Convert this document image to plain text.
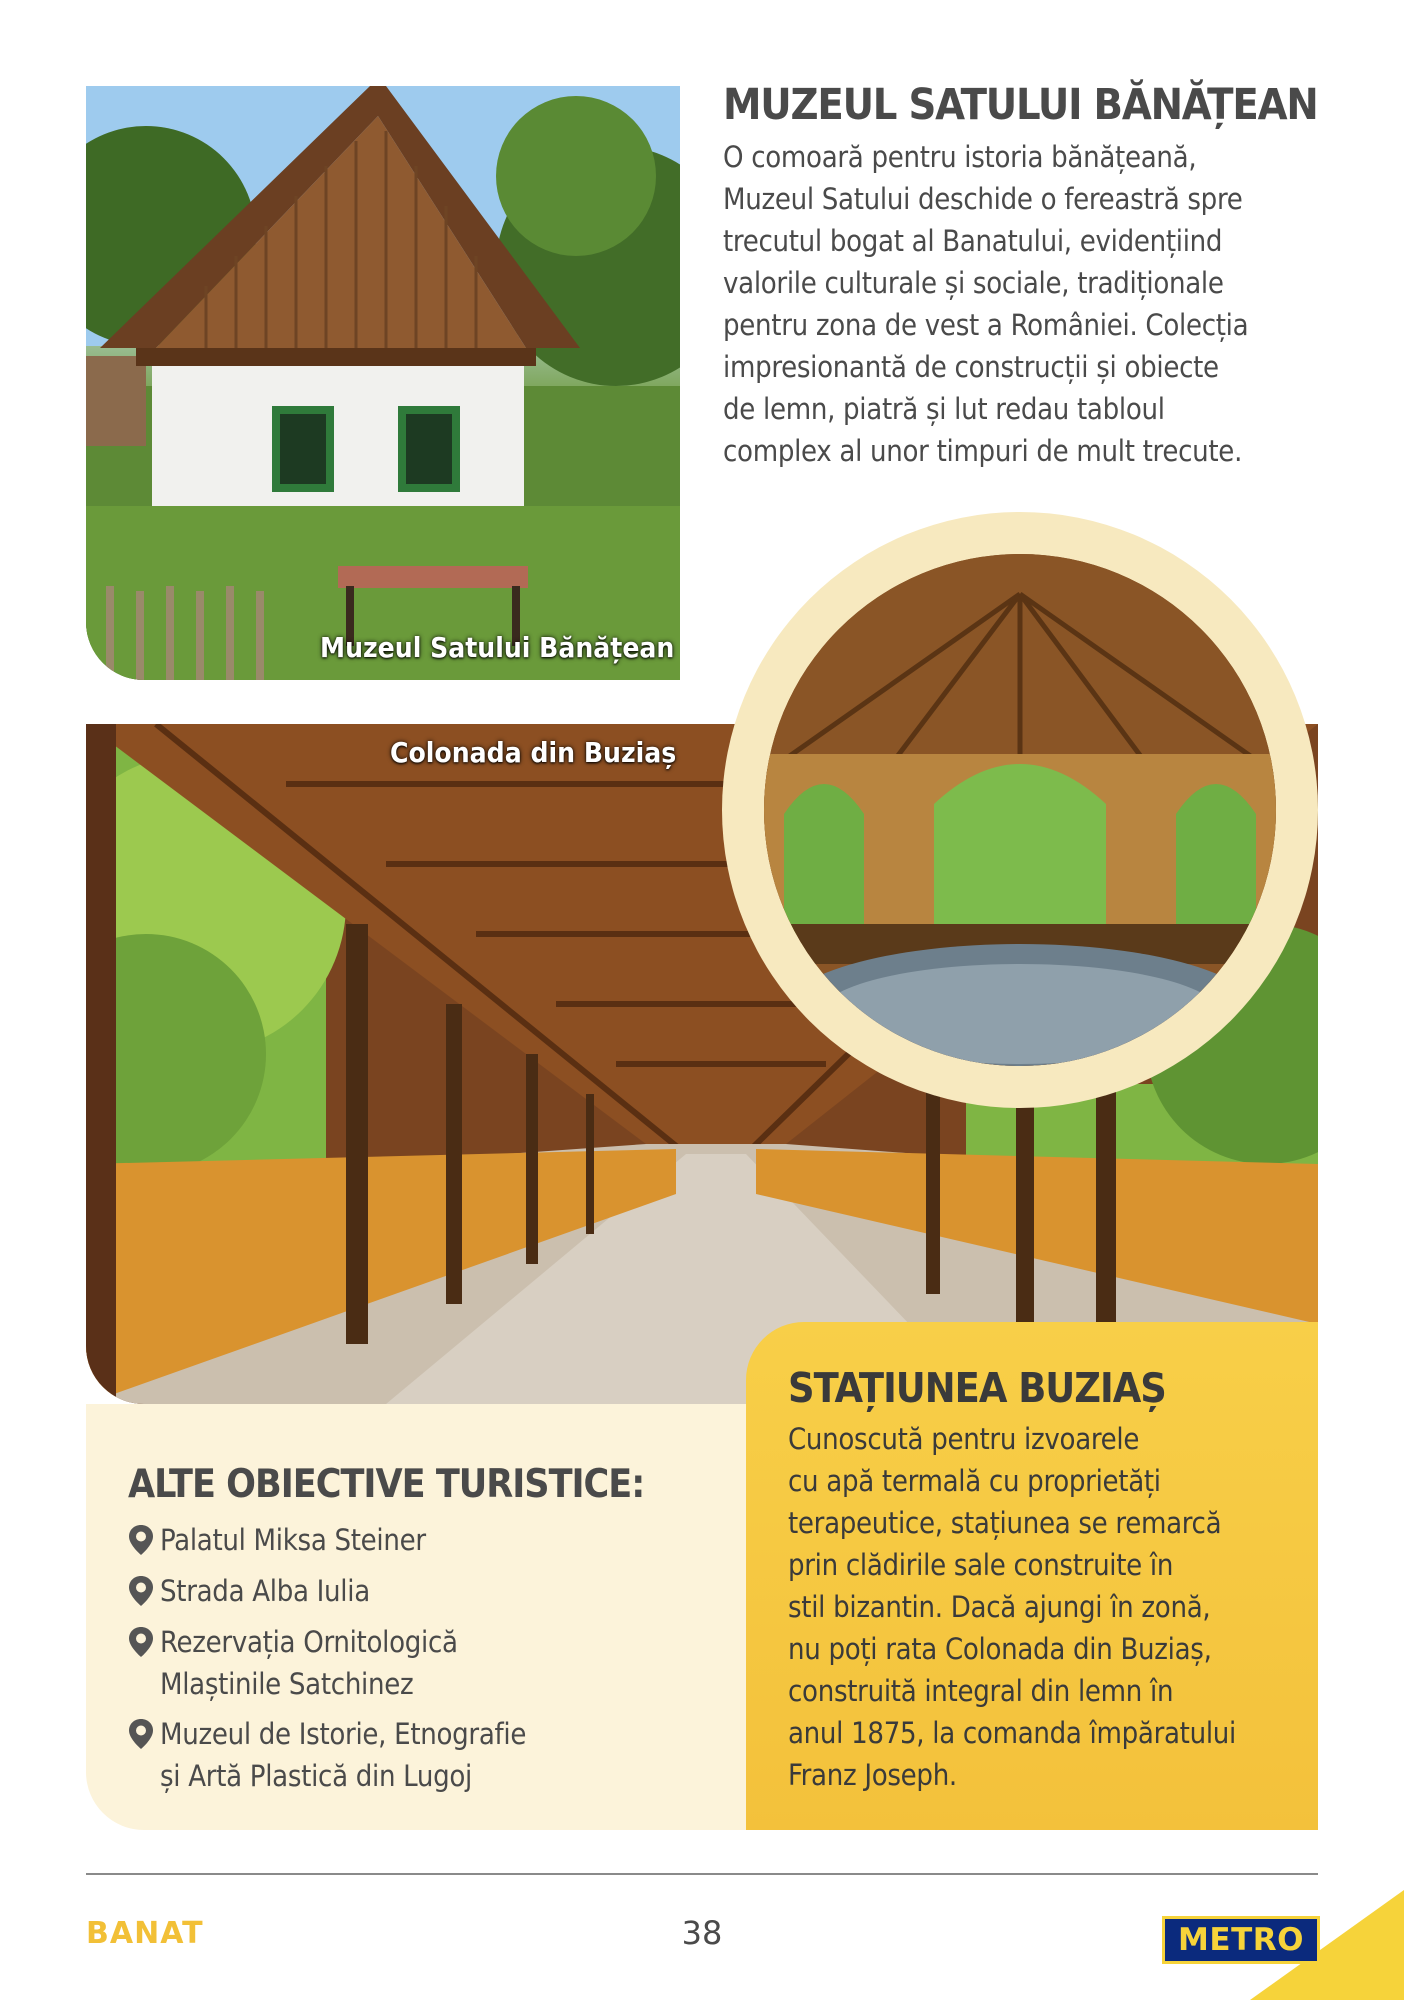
Muzeul Satului Bănățean
MUZEUL SATULUI BĂNĂȚEAN
O comoară pentru istoria bănățeană,
Muzeul Satului deschide o fereastră spre
trecutul bogat al Banatului, evidențiind
valorile culturale și sociale, tradiționale
pentru zona de vest a României. Colecția
impresionantă de construcții și obiecte
de lemn, piatră și lut redau tabloul
complex al unor timpuri de mult trecute.
Colonada din Buziaș
ALTE OBIECTIVE TURISTICE:
Palatul Miksa Steiner
Strada Alba Iulia
Rezervația Ornitologică
Mlaștinile Satchinez
Muzeul de Istorie, Etnografie
și Artă Plastică din Lugoj
STAȚIUNEA BUZIAȘ
Cunoscută pentru izvoarele
cu apă termală cu proprietăți
terapeutice, stațiunea se remarcă
prin clădirile sale construite în
stil bizantin. Dacă ajungi în zonă,
nu poți rata Colonada din Buziaș,
construită integral din lemn în
anul 1875, la comanda împăratului
Franz Joseph.
BANAT	38	METRO
